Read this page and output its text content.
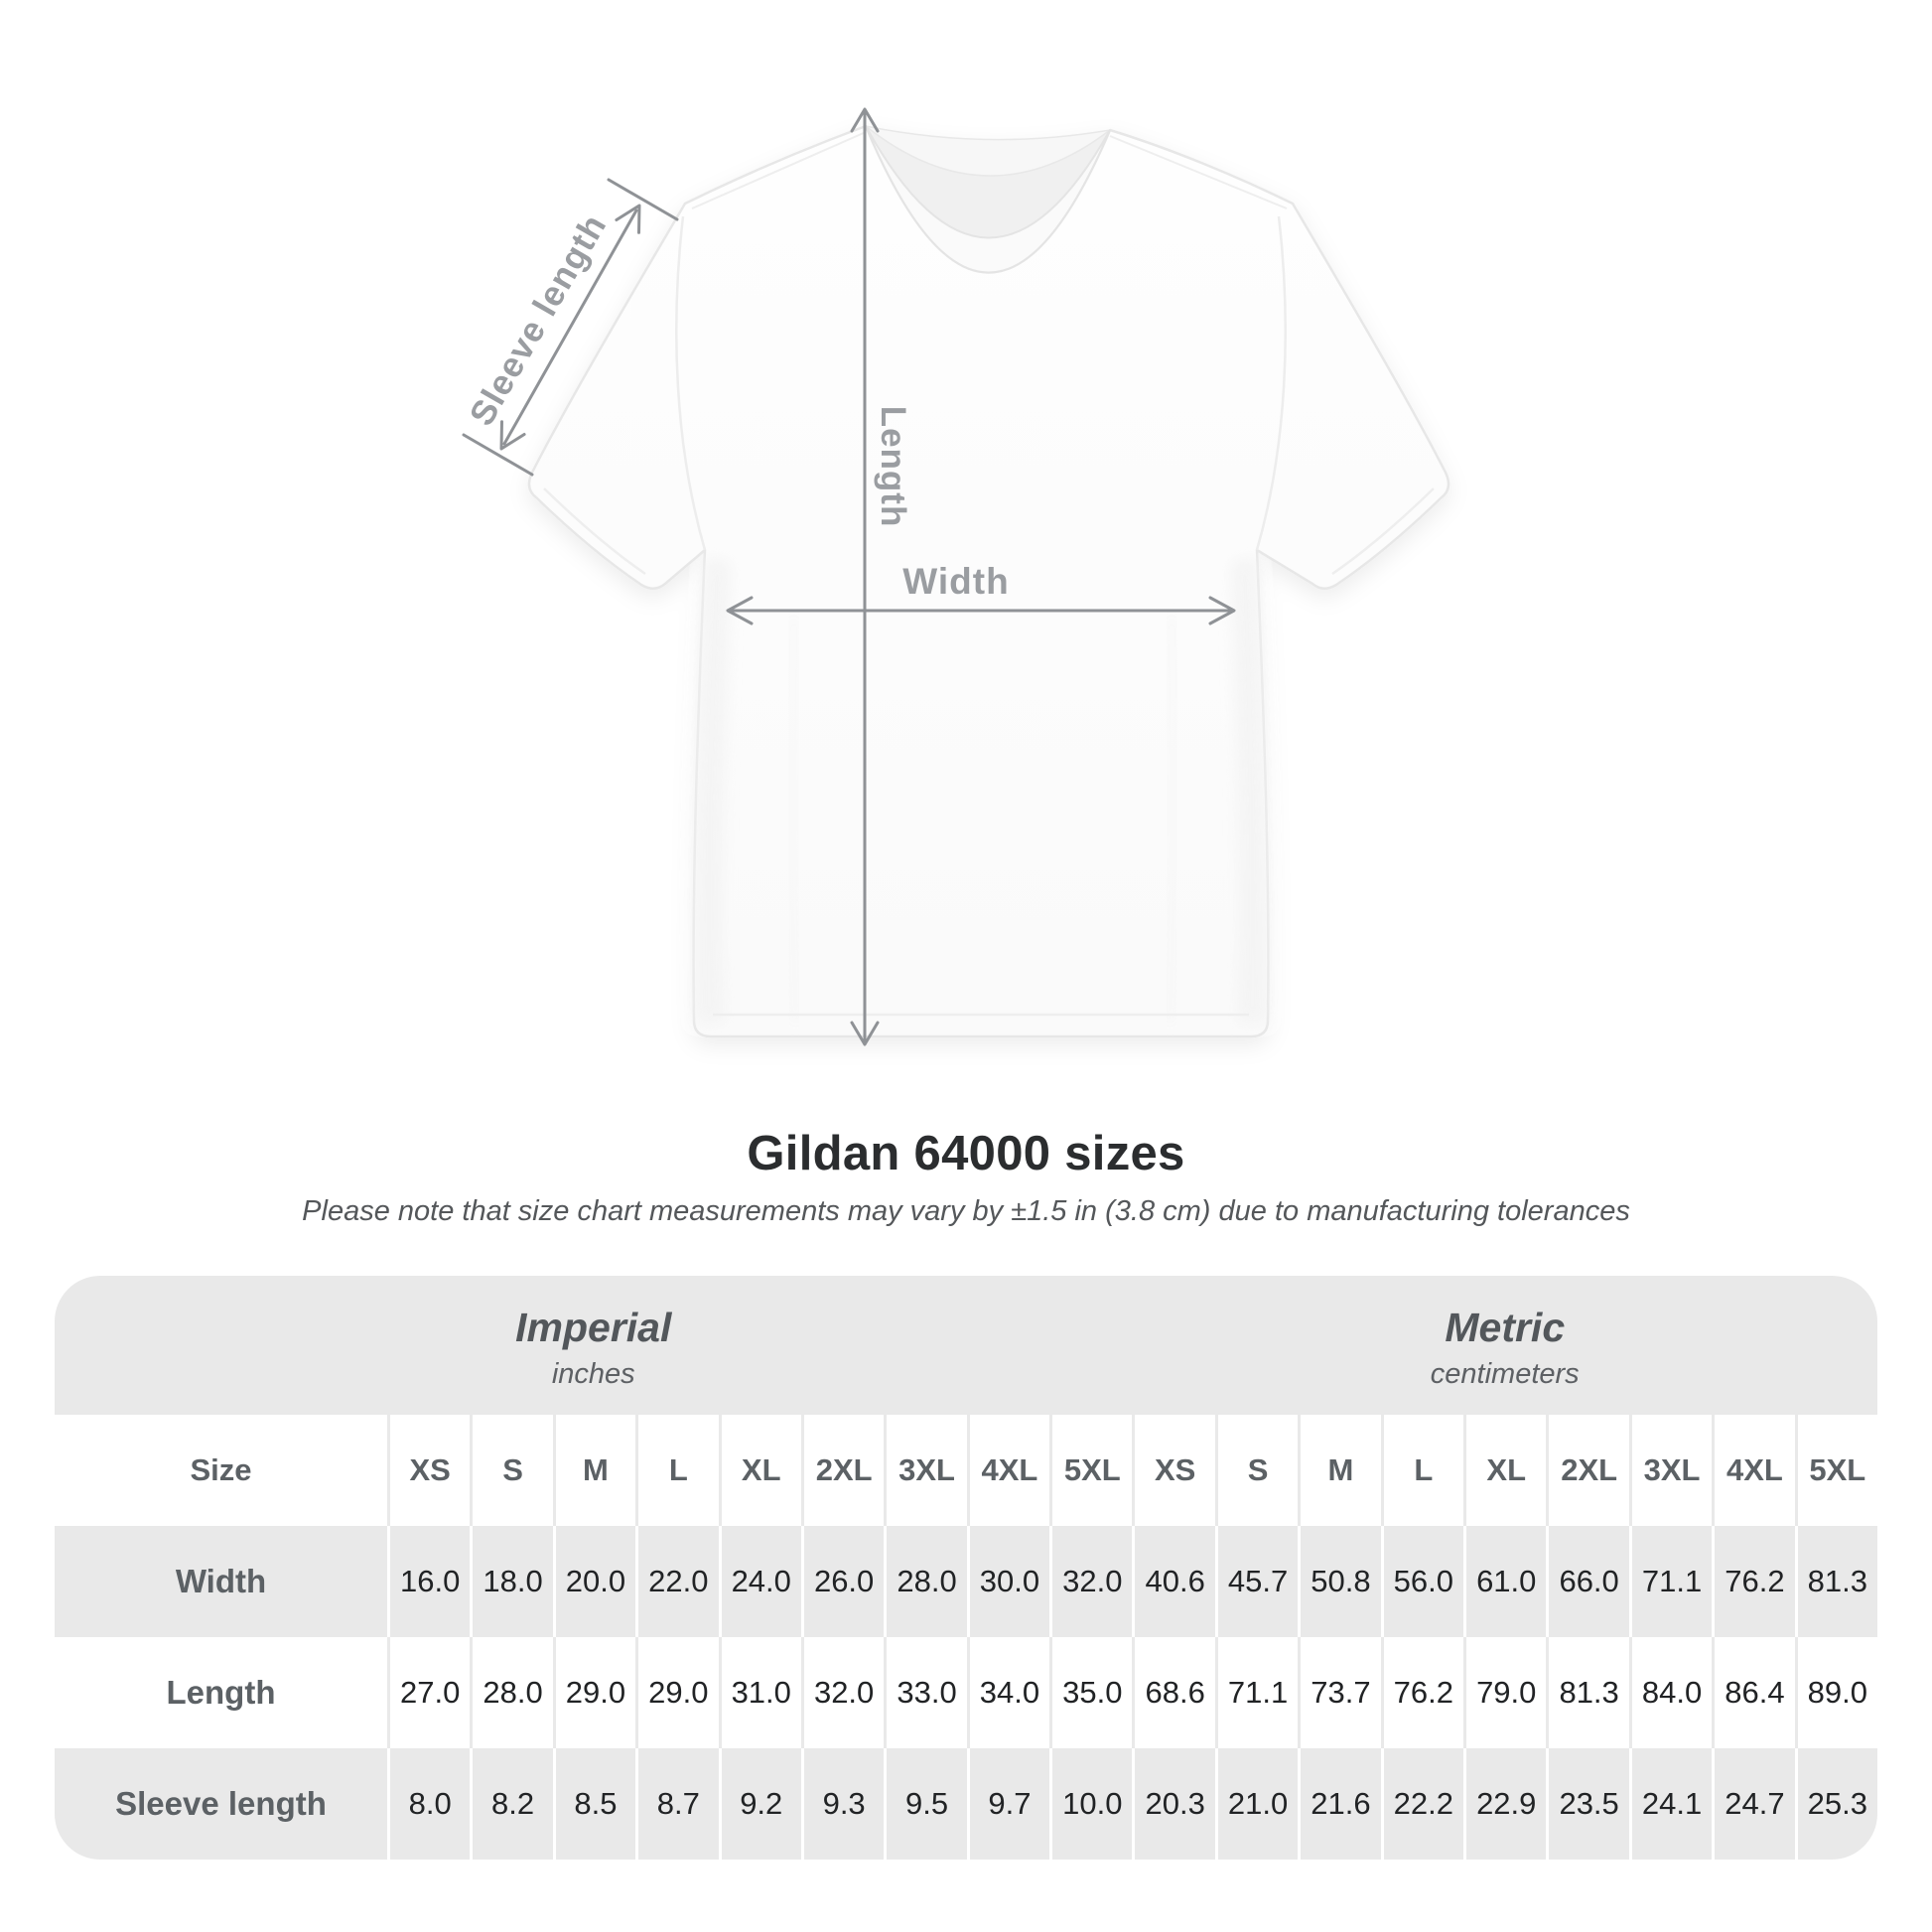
Sleeve length
Length
Width
Gildan 64000 sizes

Please note that size chart measurements may vary by ±1.5 in (3.8 cm) due to manufacturing tolerances

Imperial
inches
Metric
centimeters
Size	XS	S	M	L	XL	2XL 3XL 4XL 5XL	XS	S	M	L	XL	2XL 3XL 4XL 5XL
Width	16.0 18.0 20.0 22.0 24.0 26.0 28.0 30.0 32.0 40.6 45.7 50.8 56.0 61.0 66.0 71.1 76.2 81.3
Length	27.0 28.0 29.0 29.0 31.0 32.0 33.0 34.0 35.0 68.6 71.1 73.7 76.2 79.0 81.3 84.0 86.4 89.0
Sleeve length	8.0	8.2	8.5	8.7	9.2	9.3	9.5	9.7	10.0 20.3 21.0 21.6 22.2 22.9 23.5 24.1 24.7 25.3
